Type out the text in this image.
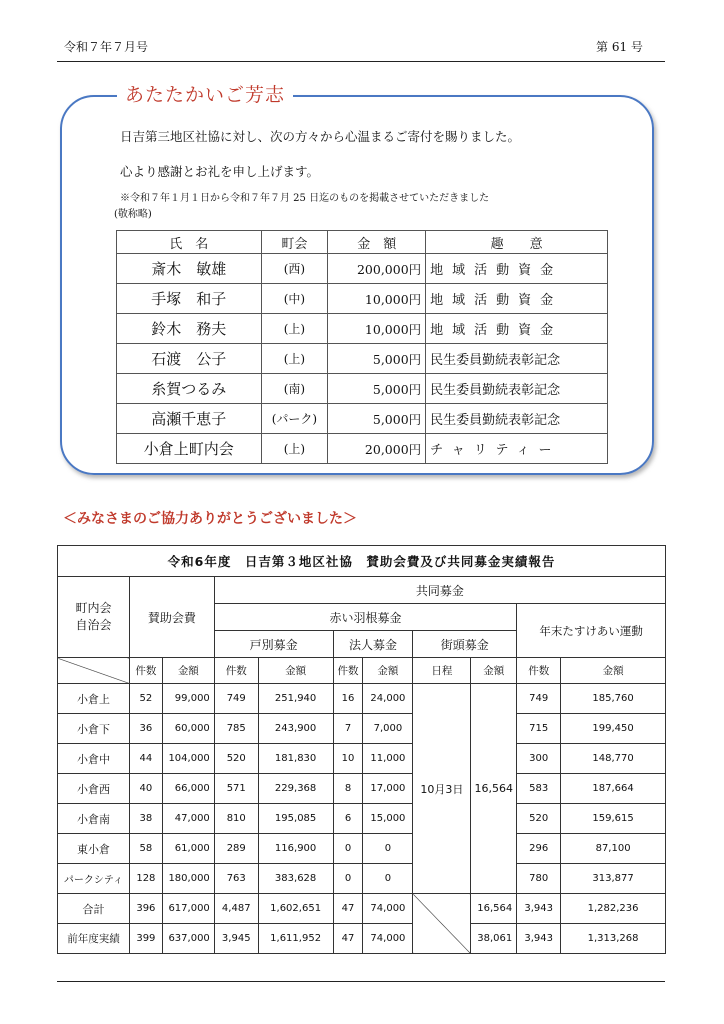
令和７年７月号	第 61 号
あたたかいご芳志
日吉第三地区社協に対し、次の方々から心温まるご寄付を賜りました。
心より感謝とお礼を申し上げます。
※令和７年１月１日から令和７年７月 25 日迄のものを掲載させていただきました
(敬称略)
氏　名	町会	金　額	趣　　意
斎木　敏雄	(西)	200,000円	地域活動資金
手塚　和子	(中)	10,000円	地域活動資金
鈴木　務夫	(上)	10,000円	地域活動資金
石渡　公子	(上)	5,000円	民生委員勤続表彰記念
糸賀つるみ	(南)	5,000円	民生委員勤続表彰記念
高瀬千恵子	(パーク)	5,000円	民生委員勤続表彰記念
小倉上町内会	(上)	20,000円	チャリティー
＜みなさまのご協力ありがとうございました＞
令和6年度　日吉第３地区社協　賛助会費及び共同募金実績報告										
町内会
自治会	賛助会費		共同募金							
			赤い羽根募金						年末たすけあい運動	
			戸別募金		法人募金		街頭募金			
	件数	金額	件数	金額	件数	金額	日程	金額	件数	金額
小倉上	52	99,000	749	251,940	16	24,000	10月3日	16,564	749	185,760
小倉下	36	60,000	785	243,900	7	7,000			715	199,450
小倉中	44	104,000	520	181,830	10	11,000			300	148,770
小倉西	40	66,000	571	229,368	8	17,000			583	187,664
小倉南	38	47,000	810	195,085	6	15,000			520	159,615
東小倉	58	61,000	289	116,900	0	0			296	87,100
パークシティ	128	180,000	763	383,628	0	0			780	313,877
合計	396	617,000	4,487	1,602,651	47	74,000		16,564	3,943	1,282,236
前年度実績	399	637,000	3,945	1,611,952	47	74,000		38,061	3,943	1,313,268
